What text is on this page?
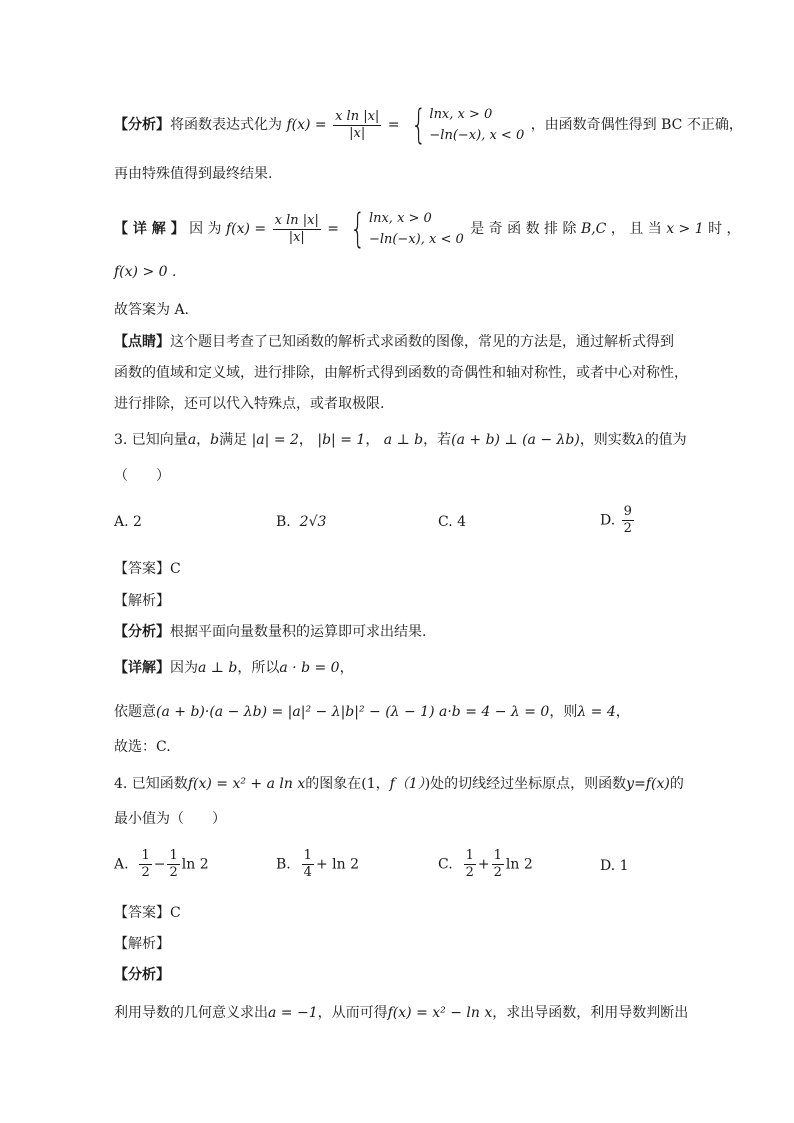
【分析】将函数表达式化为 $f(x) = \frac{\text{x ln |x|}}{|x|}$ = { lnx, x > 0
−ln(−x), x < 0
，由函数奇偶性得到 BC 不正确，
再由特殊值得到最终结果.
【 详 解 】 因 为 $f(x) = \frac{\text{x ln |x|}}{|x|}$ = { lnx, x > 0
−ln(−x), x < 0
是 奇 函 数 排 除 B,C ， 且 当 x > 1 时 ，
f(x) > 0 .
故答案为 A.
【点睛】这个题目考查了已知函数的解析式求函数的图像，常见的方法是，通过解析式得到
函数的值域和定义域，进行排除，由解析式得到函数的奇偶性和轴对称性，或者中心对称性，
进行排除，还可以代入特殊点，或者取极限.
3. 已知向量a，b满足 |a| = 2， |b| = 1， a ⊥ b，若(a + b) ⊥ (a − λb)，则实数λ的值为
（　　）
A. 2	B. 2√3	C. 4	D. $\frac{9}{2}$
【答案】C
【解析】
【分析】根据平面向量数量积的运算即可求出结果.
【详解】因为a ⊥ b，所以a · b = 0，
依题意(a + b)·(a − λb) = |a|² − λ|b|² − (λ − 1) a·b = 4 − λ = 0，则λ = 4，
故选：C.
4. 已知函数f(x) = x² + a ln x的图象在(1，f（1）)处的切线经过坐标原点，则函数y=f(x)的
最小值为（　　）
A. $\frac{1}{2} - \frac{1}{2}$ ln 2	B. $\frac{1}{4} + \ln 2$	C. $\frac{1}{2} + \frac{1}{2}$ ln 2	D. 1
【答案】C
【解析】
【分析】
利用导数的几何意义求出a = −1，从而可得f(x) = x² − ln x，求出导函数，利用导数判断出
